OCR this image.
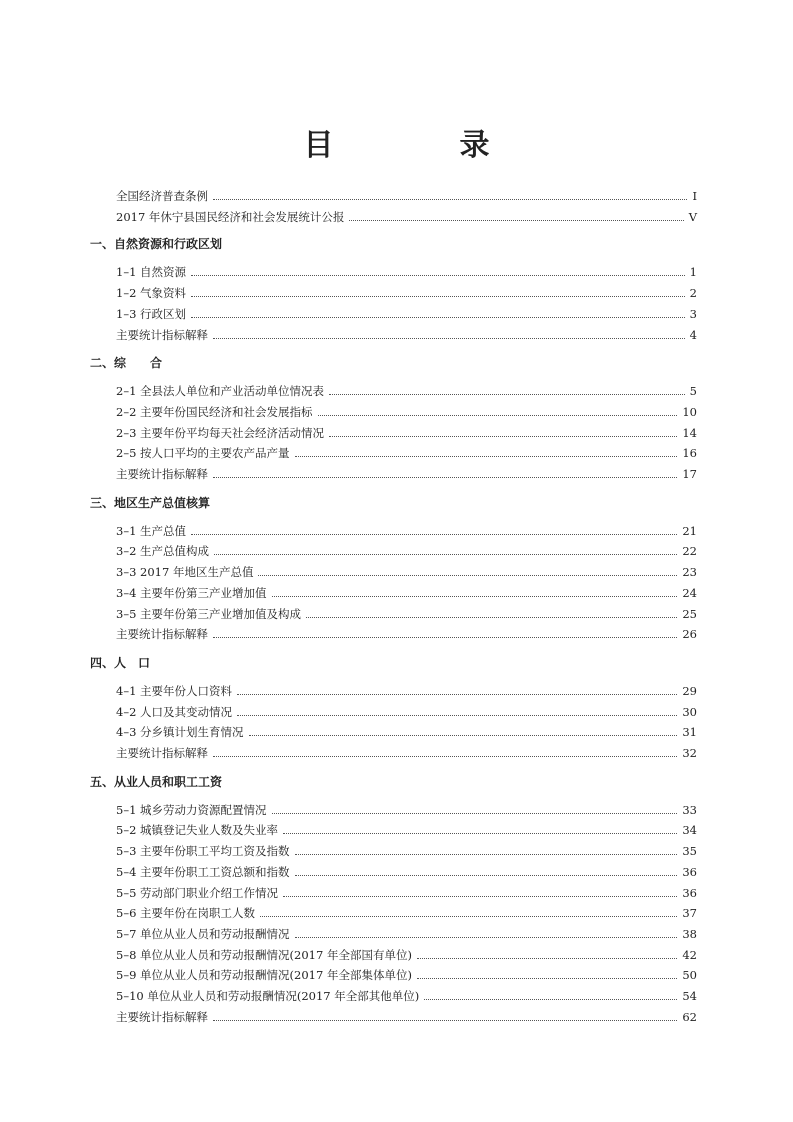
目　录
全国经济普查条例	I
2017 年休宁县国民经济和社会发展统计公报	V
一、自然资源和行政区划
1–1 自然资源	1
1–2 气象资料	2
1–3 行政区划	3
主要统计指标解释	4
二、综　　合
2–1 全县法人单位和产业活动单位情况表	5
2–2 主要年份国民经济和社会发展指标	10
2–3 主要年份平均每天社会经济活动情况	14
2–5 按人口平均的主要农产品产量	16
主要统计指标解释	17
三、地区生产总值核算
3–1 生产总值	21
3–2 生产总值构成	22
3–3 2017 年地区生产总值	23
3–4 主要年份第三产业增加值	24
3–5 主要年份第三产业增加值及构成	25
主要统计指标解释	26
四、人　口
4–1 主要年份人口资料	29
4–2 人口及其变动情况	30
4–3 分乡镇计划生育情况	31
主要统计指标解释	32
五、从业人员和职工工资
5–1 城乡劳动力资源配置情况	33
5–2 城镇登记失业人数及失业率	34
5–3 主要年份职工平均工资及指数	35
5–4 主要年份职工工资总额和指数	36
5–5 劳动部门职业介绍工作情况	36
5–6 主要年份在岗职工人数	37
5–7 单位从业人员和劳动报酬情况	38
5–8 单位从业人员和劳动报酬情况(2017 年全部国有单位)	42
5–9 单位从业人员和劳动报酬情况(2017 年全部集体单位)	50
5–10 单位从业人员和劳动报酬情况(2017 年全部其他单位)	54
主要统计指标解释	62
